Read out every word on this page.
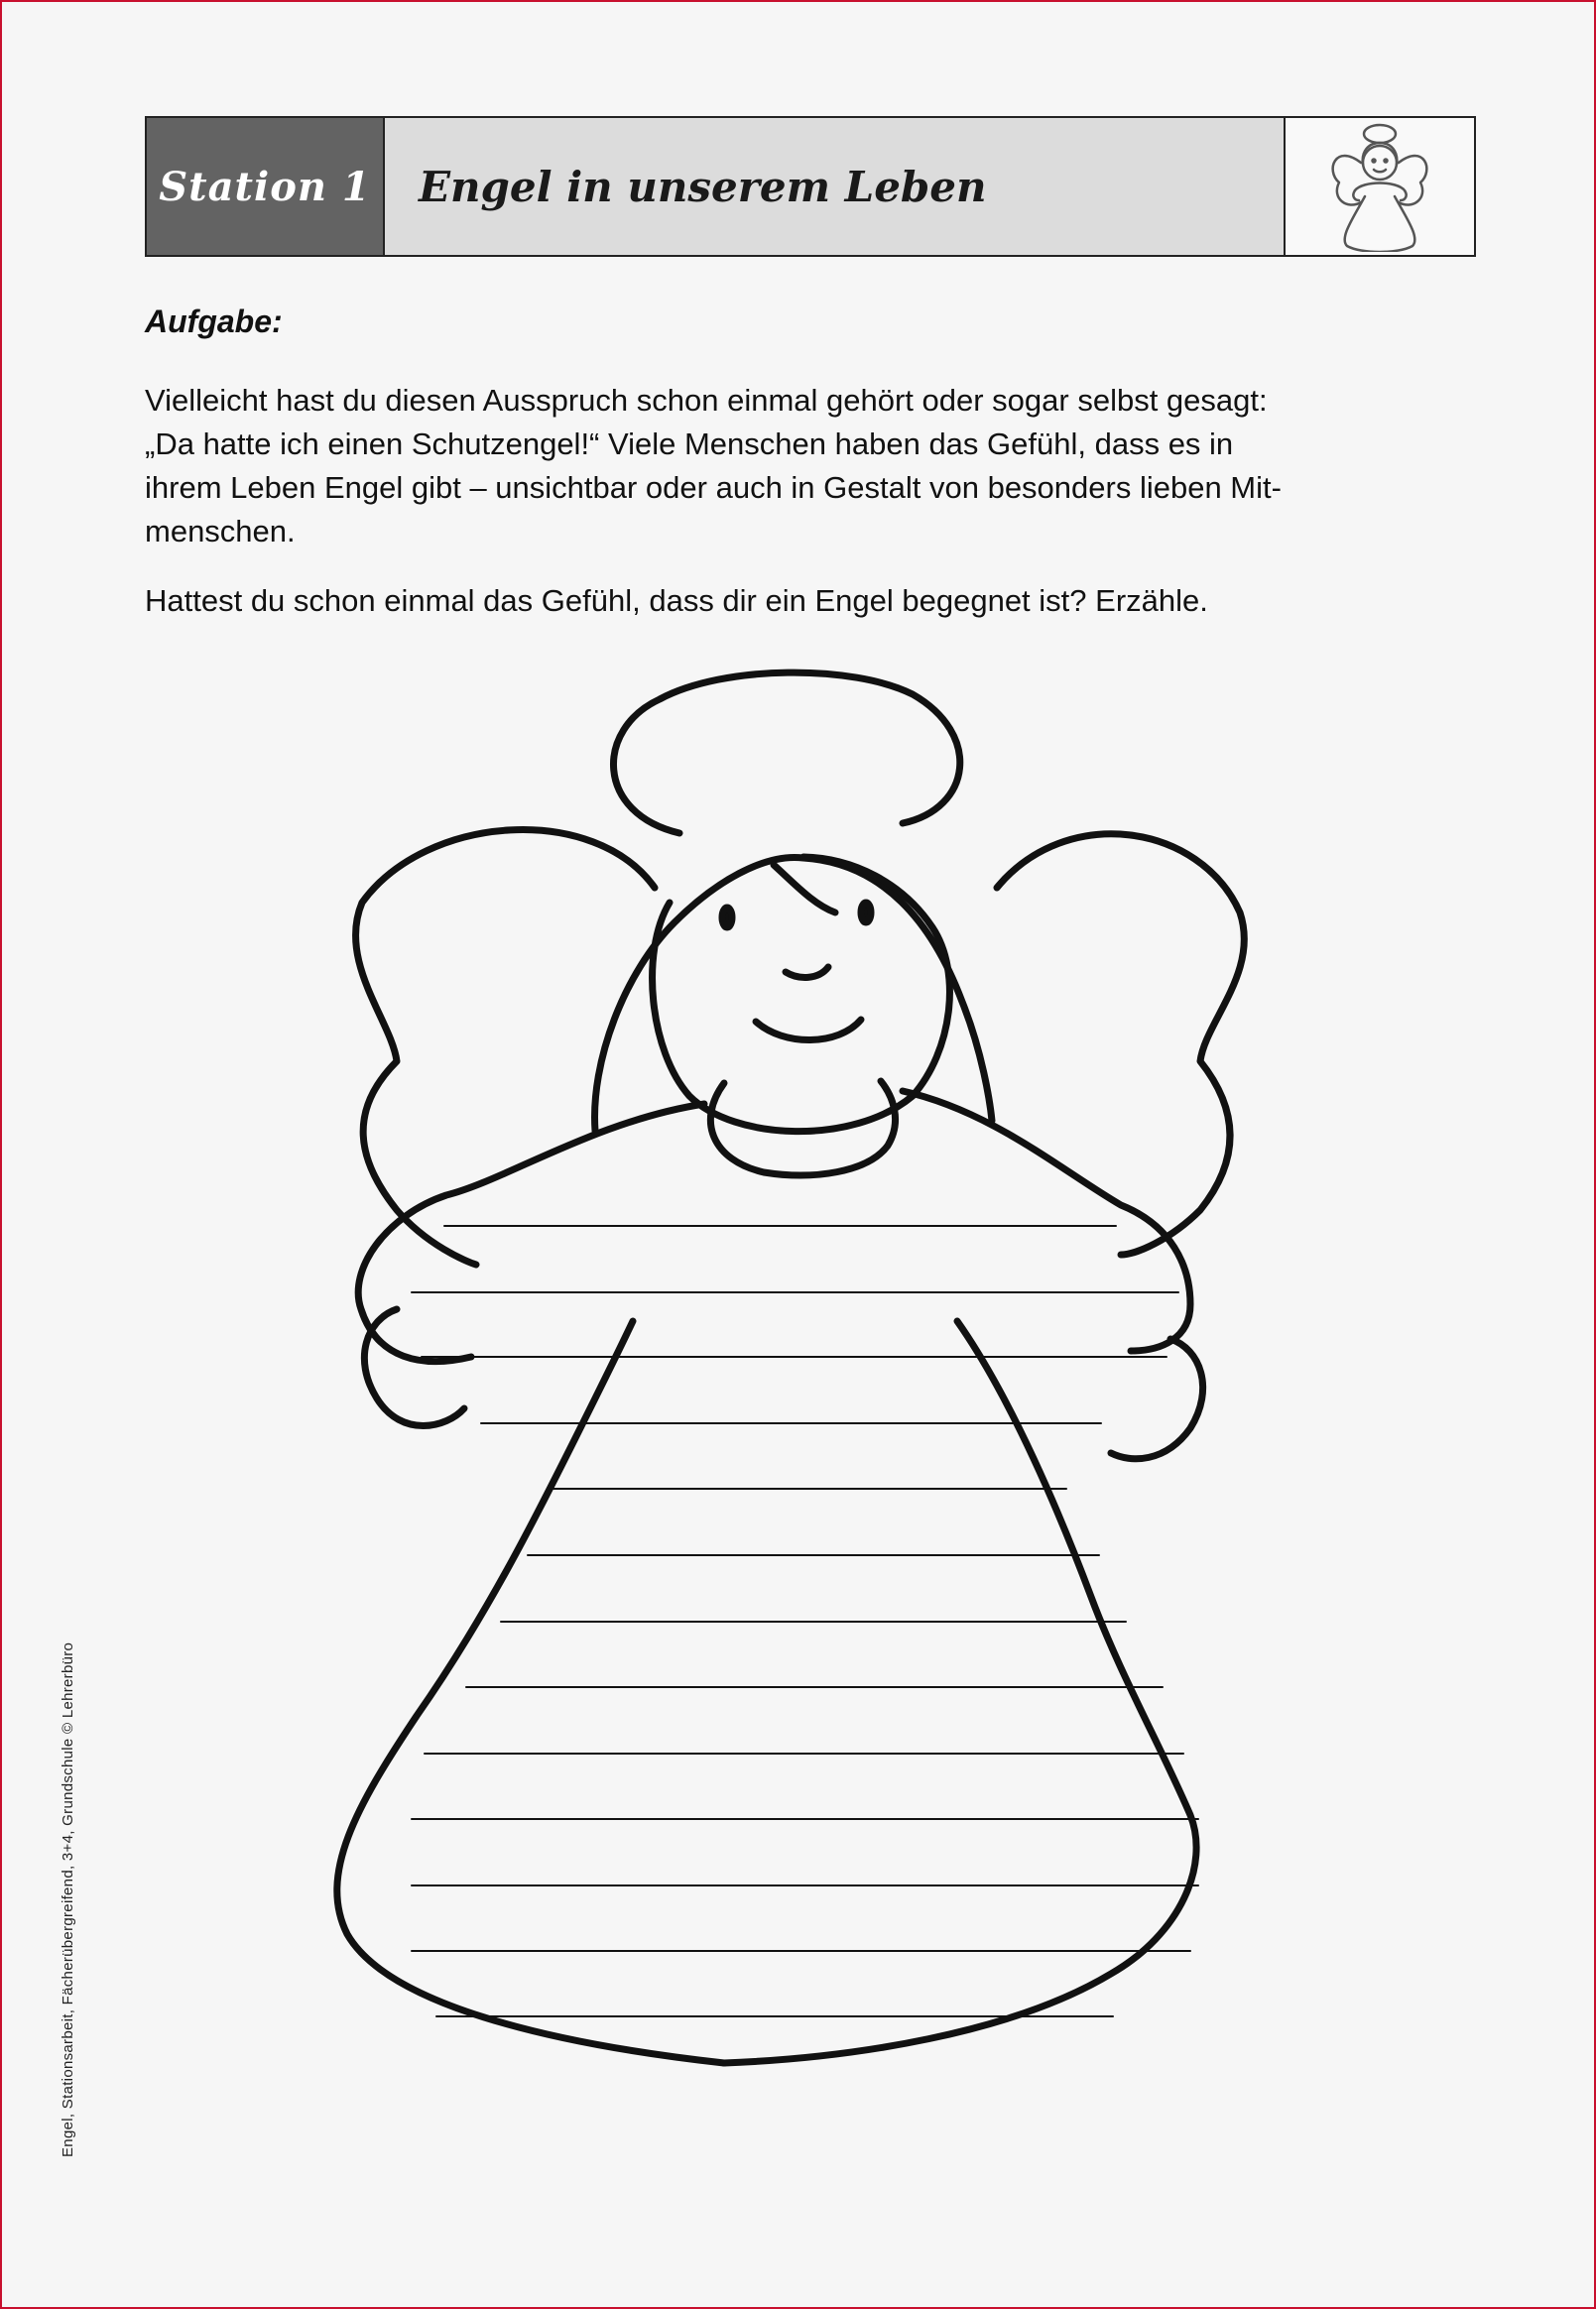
Station 1	Engel in unserem Leben
Aufgabe:
Vielleicht hast du diesen Ausspruch schon einmal gehört oder sogar selbst gesagt:
„Da hatte ich einen Schutzengel!“ Viele Menschen haben das Gefühl, dass es in
ihrem Leben Engel gibt – unsichtbar oder auch in Gestalt von besonders lieben Mit-
menschen.
Hattest du schon einmal das Gefühl, dass dir ein Engel begegnet ist? Erzähle.
Engel, Stationsarbeit, Fächerübergreifend, 3+4, Grundschule © Lehrerbüro
